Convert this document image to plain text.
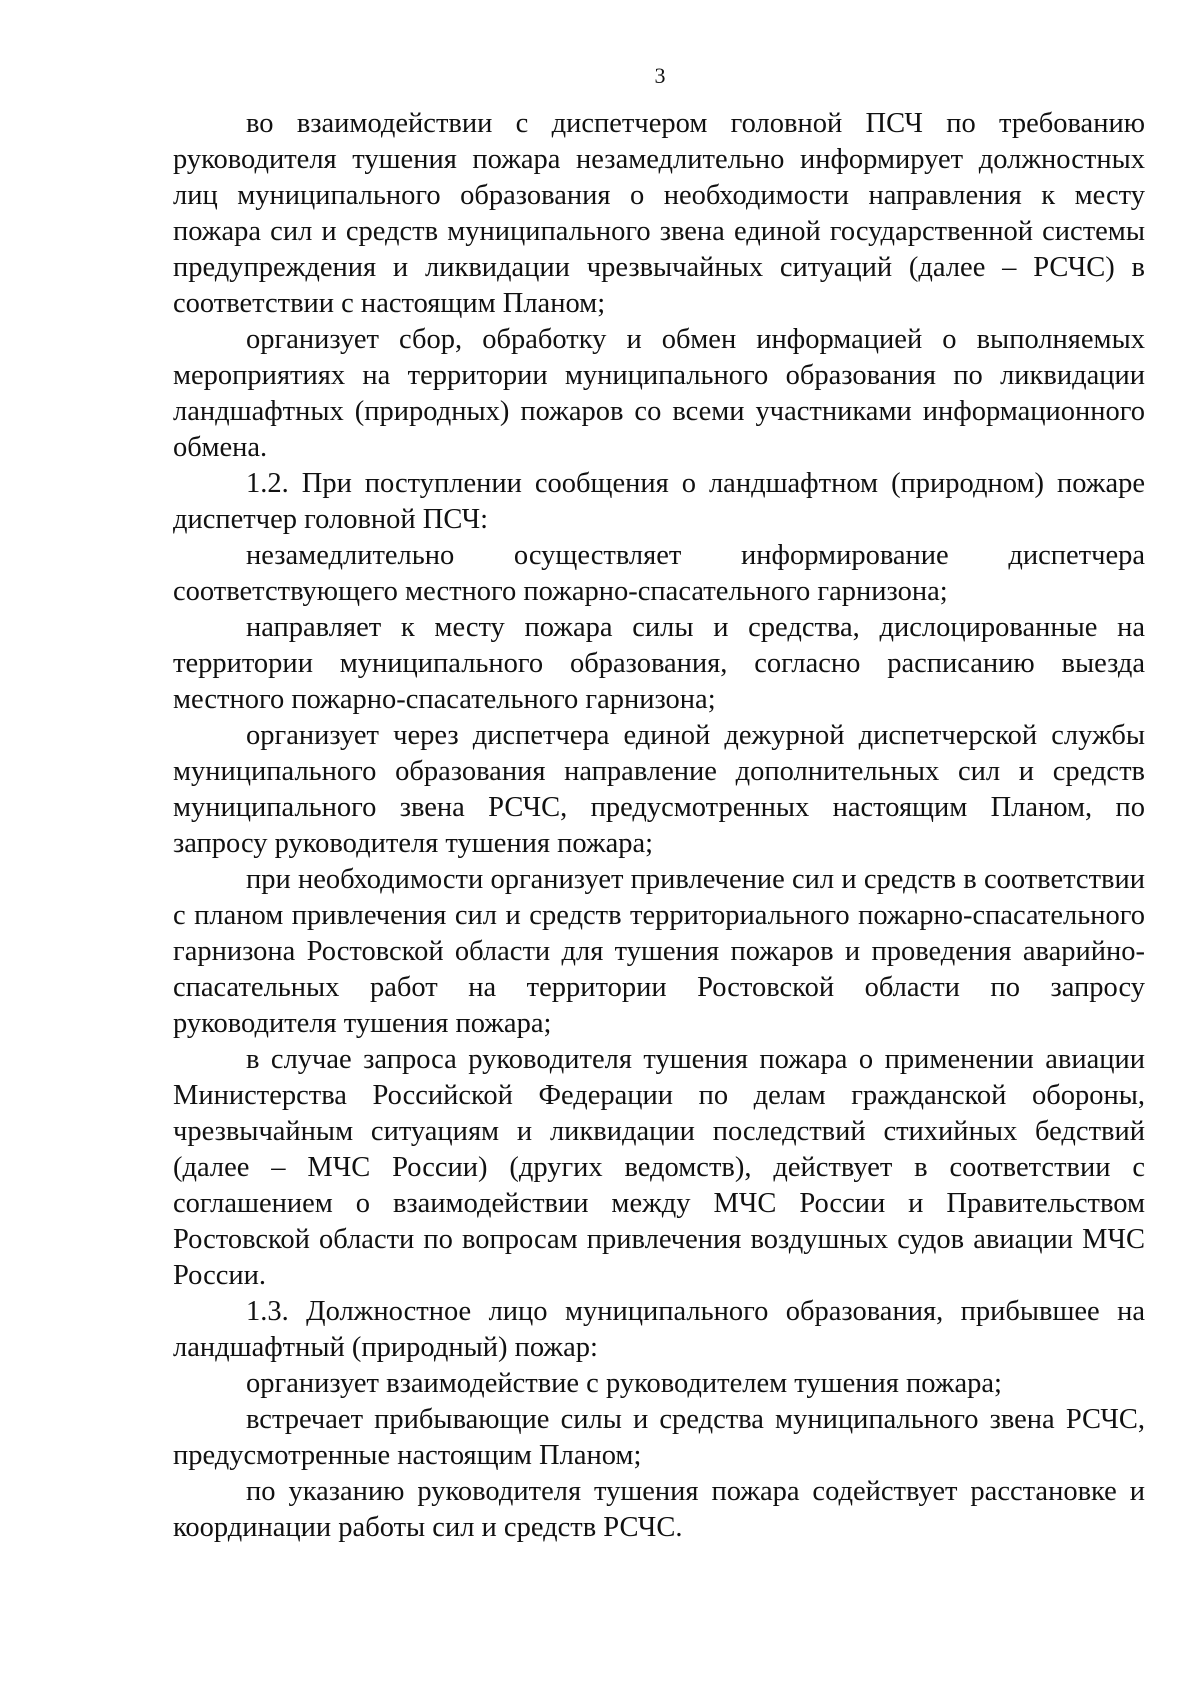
3

во взаимодействии с диспетчером головной ПСЧ по требованию руководителя тушения пожара незамедлительно информирует должностных лиц муниципального образования о необходимости направления к месту пожара сил и средств муниципального звена единой государственной системы предупреждения и ликвидации чрезвычайных ситуаций (далее – РСЧС) в соответствии с настоящим Планом;

организует сбор, обработку и обмен информацией о выполняемых мероприятиях на территории муниципального образования по ликвидации ландшафтных (природных) пожаров со всеми участниками информационного обмена.

1.2. При поступлении сообщения о ландшафтном (природном) пожаре диспетчер головной ПСЧ:

незамедлительно осуществляет информирование диспетчера соответствующего местного пожарно-спасательного гарнизона;

направляет к месту пожара силы и средства, дислоцированные на территории муниципального образования, согласно расписанию выезда местного пожарно-спасательного гарнизона;

организует через диспетчера единой дежурной диспетчерской службы муниципального образования направление дополнительных сил и средств муниципального звена РСЧС, предусмотренных настоящим Планом, по запросу руководителя тушения пожара;

при необходимости организует привлечение сил и средств в соответствии с планом привлечения сил и средств территориального пожарно-спасательного гарнизона Ростовской области для тушения пожаров и проведения аварийно-спасательных работ на территории Ростовской области по запросу руководителя тушения пожара;

в случае запроса руководителя тушения пожара о применении авиации Министерства Российской Федерации по делам гражданской обороны, чрезвычайным ситуациям и ликвидации последствий стихийных бедствий (далее – МЧС России) (других ведомств), действует в соответствии с соглашением о взаимодействии между МЧС России и Правительством Ростовской области по вопросам привлечения воздушных судов авиации МЧС России.

1.3. Должностное лицо муниципального образования, прибывшее на ландшафтный (природный) пожар:

организует взаимодействие с руководителем тушения пожара;

встречает прибывающие силы и средства муниципального звена РСЧС, предусмотренные настоящим Планом;

по указанию руководителя тушения пожара содействует расстановке и координации работы сил и средств РСЧС.
